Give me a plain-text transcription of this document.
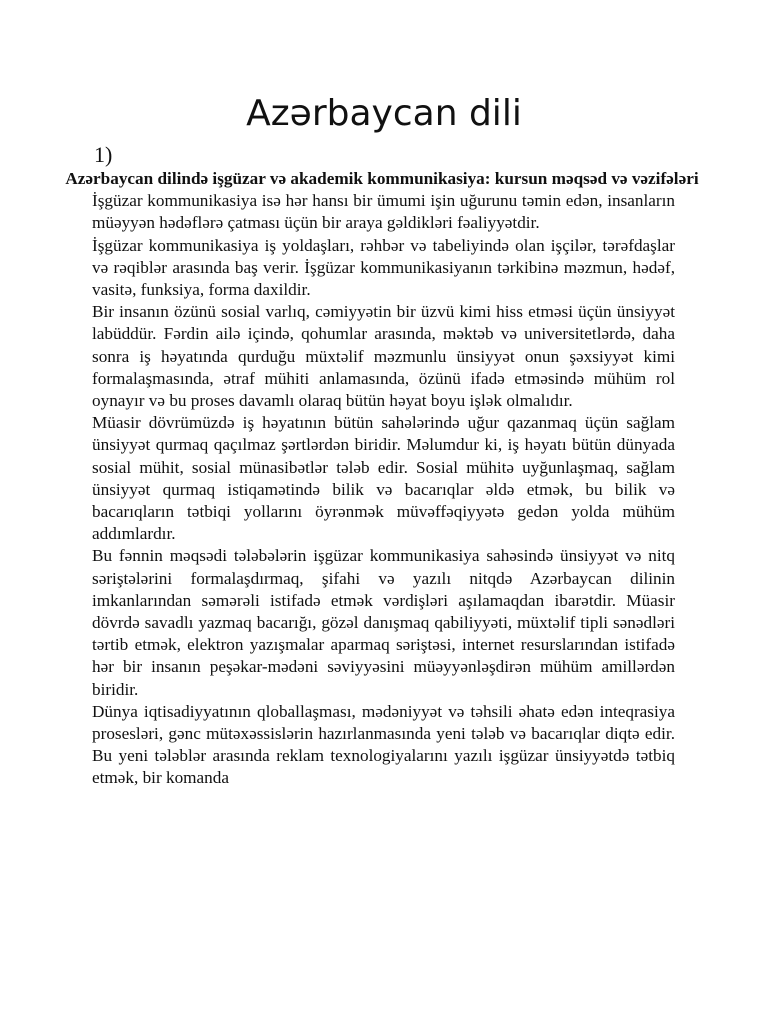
Azərbaycan dili
1)

Azərbaycan dilində işgüzar və akademik kommunikasiya: kursun məqsəd və vəzifələri

İşgüzar kommunikasiya isə hər hansı bir ümumi işin uğurunu təmin edən, insanların müəyyən hədəflərə çatması üçün bir araya gəldikləri fəaliyyətdir.

İşgüzar kommunikasiya iş yoldaşları, rəhbər və tabeliyində olan işçilər, tərəfdaşlar və rəqiblər arasında baş verir. İşgüzar kommunikasiyanın tərkibinə məzmun, hədəf, vasitə, funksiya, forma daxildir.

Bir insanın özünü sosial varlıq, cəmiyyətin bir üzvü kimi hiss etməsi üçün ünsiyyət labüddür. Fərdin ailə içində, qohumlar arasında, məktəb və universitetlərdə, daha sonra iş həyatında qurduğu müxtəlif məzmunlu ünsiyyət onun şəxsiyyət kimi formalaşmasında, ətraf mühiti anlamasında, özünü ifadə etməsində mühüm rol oynayır və bu proses davamlı olaraq bütün həyat boyu işlək olmalıdır.

Müasir dövrümüzdə iş həyatının bütün sahələrində uğur qazanmaq üçün sağlam ünsiyyət qurmaq qaçılmaz şərtlərdən biridir. Məlumdur ki, iş həyatı bütün dünyada sosial mühit, sosial münasibətlər tələb edir. Sosial mühitə uyğunlaşmaq, sağlam ünsiyyət qurmaq istiqamətində bilik və bacarıqlar əldə etmək, bu bilik və bacarıqların tətbiqi yollarını öyrənmək müvəffəqiyyətə gedən yolda mühüm addımlardır.

Bu fənnin məqsədi tələbələrin işgüzar kommunikasiya sahəsində ünsiyyət və nitq səriştələrini formalaşdırmaq, şifahi və yazılı nitqdə Azərbaycan dilinin imkanlarından səmərəli istifadə etmək vərdişləri aşılamaqdan ibarətdir. Müasir dövrdə savadlı yazmaq bacarığı, gözəl danışmaq qabiliyyəti, müxtəlif tipli sənədləri tərtib etmək, elektron yazışmalar aparmaq səriştəsi, internet resurslarından istifadə hər bir insanın peşəkar-mədəni səviyyəsini müəyyənləşdirən mühüm amillərdən biridir.

Dünya iqtisadiyyatının qloballaşması, mədəniyyət və təhsili əhatə edən inteqrasiya prosesləri, gənc mütəxəssislərin hazırlanmasında yeni tələb və bacarıqlar diqtə edir. Bu yeni tələblər arasında reklam texnologiyalarını yazılı işgüzar ünsiyyətdə tətbiq etmək, bir komanda
